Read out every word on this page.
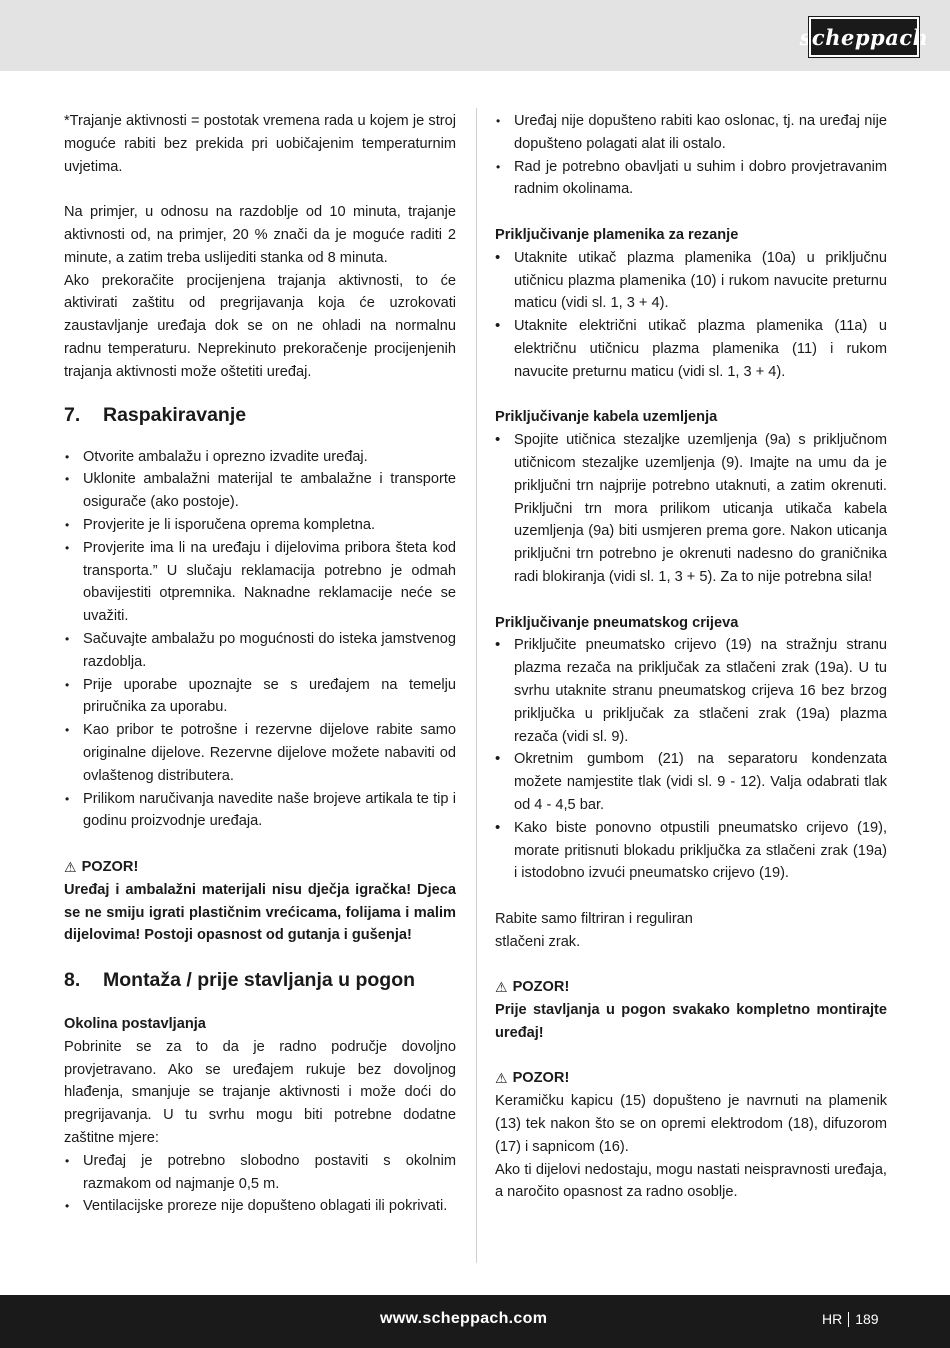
scheppach

*Trajanje aktivnosti = postotak vremena rada u kojem je stroj moguće rabiti bez prekida pri uobičajenim temperaturnim uvjetima.

Na primjer, u odnosu na razdoblje od 10 minuta, trajanje aktivnosti od, na primjer, 20 % znači da je moguće raditi 2 minute, a zatim treba uslijediti stanka od 8 minuta.

Ako prekoračite procijenjena trajanja aktivnosti, to će aktivirati zaštitu od pregrijavanja koja će uzrokovati zaustavljanje uređaja dok se on ne ohladi na normalnu radnu temperaturu. Neprekinuto prekoračenje procijenjenih trajanja aktivnosti može oštetiti uređaj.

7.	Raspakiravanje
• Otvorite ambalažu i oprezno izvadite uređaj.
• Uklonite ambalažni materijal te ambalažne i transporte osigurače (ako postoje).
• Provjerite je li isporučena oprema kompletna.
• Provjerite ima li na uređaju i dijelovima pribora šteta kod transporta.” U slučaju reklamacija potrebno je odmah obavijestiti otpremnika. Naknadne reklamacije neće se uvažiti.
• Sačuvajte ambalažu po mogućnosti do isteka jamstvenog razdoblja.
• Prije uporabe upoznajte se s uređajem na temelju priručnika za uporabu.
• Kao pribor te potrošne i rezervne dijelove rabite samo originalne dijelove. Rezervne dijelove možete nabaviti od ovlaštenog distributera.
• Prilikom naručivanja navedite naše brojeve artikala te tip i godinu proizvodnje uređaja.
⚠ POZOR!

Uređaj i ambalažni materijali nisu dječja igračka! Djeca se ne smiju igrati plastičnim vrećicama, folijama i malim dijelovima! Postoji opasnost od gutanja i gušenja!

8.	Montaža / prije stavljanja u pogon
Okolina postavljanja

Pobrinite se za to da je radno područje dovoljno provjetravano. Ako se uređajem rukuje bez dovoljnog hlađenja, smanjuje se trajanje aktivnosti i može doći do pregrijavanja. U tu svrhu mogu biti potrebne dodatne zaštitne mjere:

• Uređaj je potrebno slobodno postaviti s okolnim razmakom od najmanje 0,5 m.
• Ventilacijske proreze nije dopušteno oblagati ili pokrivati.
• Uređaj nije dopušteno rabiti kao oslonac, tj. na uređaj nije dopušteno polagati alat ili ostalo.
• Rad je potrebno obavljati u suhim i dobro provjetravanim radnim okolinama.
Priključivanje plamenika za rezanje
• Utaknite utikač plazma plamenika (10a) u priključnu utičnicu plazma plamenika (10) i rukom navucite preturnu maticu (vidi sl. 1, 3 + 4).
• Utaknite električni utikač plazma plamenika (11a) u električnu utičnicu plazma plamenika (11) i rukom navucite preturnu maticu (vidi sl. 1, 3 + 4).
Priključivanje kabela uzemljenja
• Spojite utičnica stezaljke uzemljenja (9a) s priključnom utičnicom stezaljke uzemljenja (9). Imajte na umu da je priključni trn najprije potrebno utaknuti, a zatim okrenuti. Priključni trn mora prilikom uticanja utikača kabela uzemljenja (9a) biti usmjeren prema gore. Nakon uticanja priključni trn potrebno je okrenuti nadesno do graničnika radi blokiranja (vidi sl. 1, 3 + 5). Za to nije potrebna sila!
Priključivanje pneumatskog crijeva
• Priključite pneumatsko crijevo (19) na stražnju stranu plazma rezača na priključak za stlačeni zrak (19a). U tu svrhu utaknite stranu pneumatskog crijeva 16 bez brzog priključka u priključak za stlačeni zrak (19a) plazma rezača (vidi sl. 9).
• Okretnim gumbom (21) na separatoru kondenzata možete namjestite tlak (vidi sl. 9 - 12). Valja odabrati tlak od 4 - 4,5 bar.
• Kako biste ponovno otpustili pneumatsko crijevo (19), morate pritisnuti blokadu priključka za stlačeni zrak (19a) i istodobno izvući pneumatsko crijevo (19).
Rabite samo filtriran i reguliran
stlačeni zrak.
⚠ POZOR!

Prije stavljanja u pogon svakako kompletno montirajte uređaj!

⚠ POZOR!

Keramičku kapicu (15) dopušteno je navrnuti na plamenik (13) tek nakon što se on opremi elektrodom (18), difuzorom (17) i sapnicom (16).

Ako ti dijelovi nedostaju, mogu nastati neispravnosti uređaja, a naročito opasnost za radno osoblje.

www.scheppach.com	HR 189
